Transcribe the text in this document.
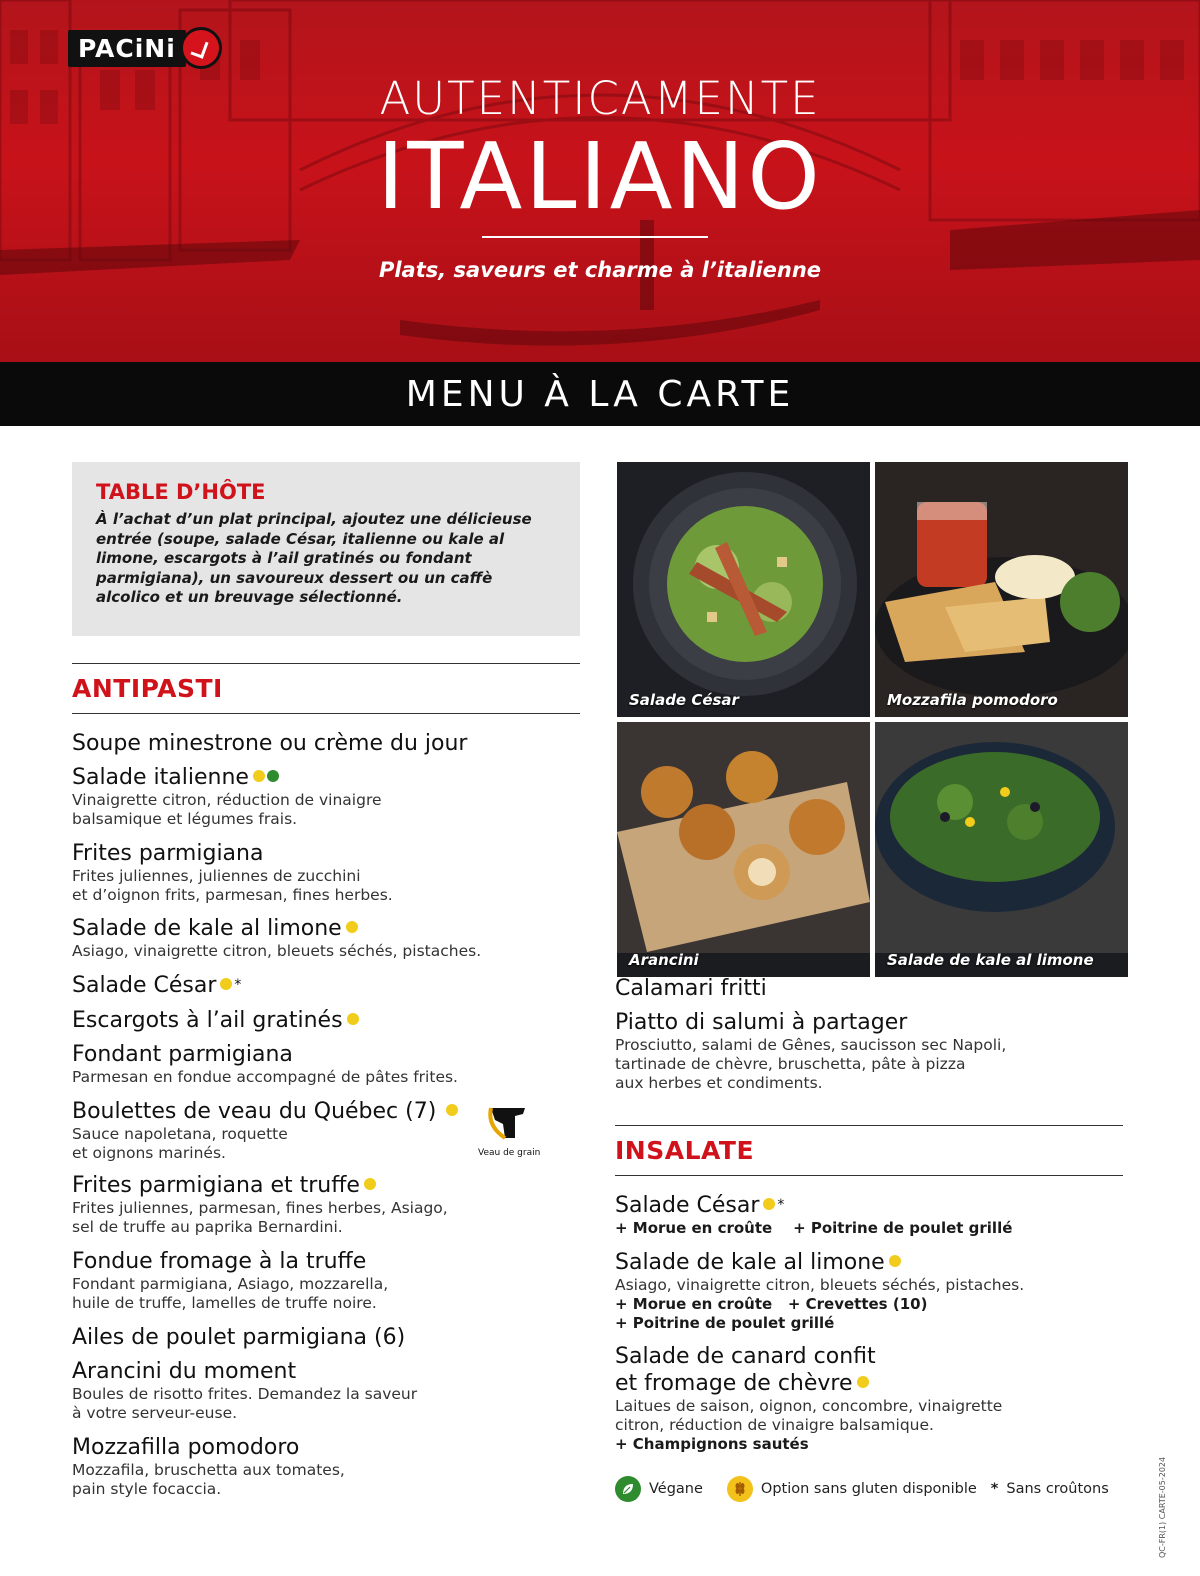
PACiNi
AUTENTICAMENTE
ITALIANO
Plats, saveurs et charme à l’italienne
MENU À LA CARTE
TABLE D’HÔTE
À l’achat d’un plat principal, ajoutez une délicieuse entrée (soupe, salade César, italienne ou kale al limone, escargots à l’ail gratinés ou fondant parmigiana), un savoureux dessert ou un caffè alcolico et un breuvage sélectionné.
ANTIPASTI
Soupe minestrone ou crème du jour
Salade italienne
Vinaigrette citron, réduction de vinaigre
balsamique et légumes frais.
Frites parmigiana
Frites juliennes, juliennes de zucchini
et d’oignon frits, parmesan, fines herbes.
Salade de kale al limone
Asiago, vinaigrette citron, bleuets séchés, pistaches.
Salade César *
Escargots à l’ail gratinés
Fondant parmigiana
Parmesan en fondue accompagné de pâtes frites.
Boulettes de veau du Québec (7)
Sauce napoletana, roquette
et oignons marinés.	Veau de grain
Frites parmigiana et truffe
Frites juliennes, parmesan, fines herbes, Asiago,
sel de truffe au paprika Bernardini.
Fondue fromage à la truffe
Fondant parmigiana, Asiago, mozzarella,
huile de truffe, lamelles de truffe noire.
Ailes de poulet parmigiana (6)
Arancini du moment
Boules de risotto frites. Demandez la saveur
à votre serveur-euse.
Mozzafilla pomodoro
Mozzafila, bruschetta aux tomates,
pain style focaccia.
Salade César	Mozzafila pomodoro
Arancini	Salade de kale al limone
Calamari fritti
Piatto di salumi à partager
Prosciutto, salami de Gênes, saucisson sec Napoli,
tartinade de chèvre, bruschetta, pâte à pizza
aux herbes et condiments.
INSALATE
Salade César *
+ Morue en croûte    + Poitrine de poulet grillé
Salade de kale al limone
Asiago, vinaigrette citron, bleuets séchés, pistaches.
+ Morue en croûte   + Crevettes (10)
+ Poitrine de poulet grillé
Salade de canard confit
et fromage de chèvre
Laitues de saison, oignon, concombre, vinaigrette
citron, réduction de vinaigre balsamique.
+ Champignons sautés
Végane	Option sans gluten disponible * Sans croûtons	QC-FR(1) CARTE-05-2024
